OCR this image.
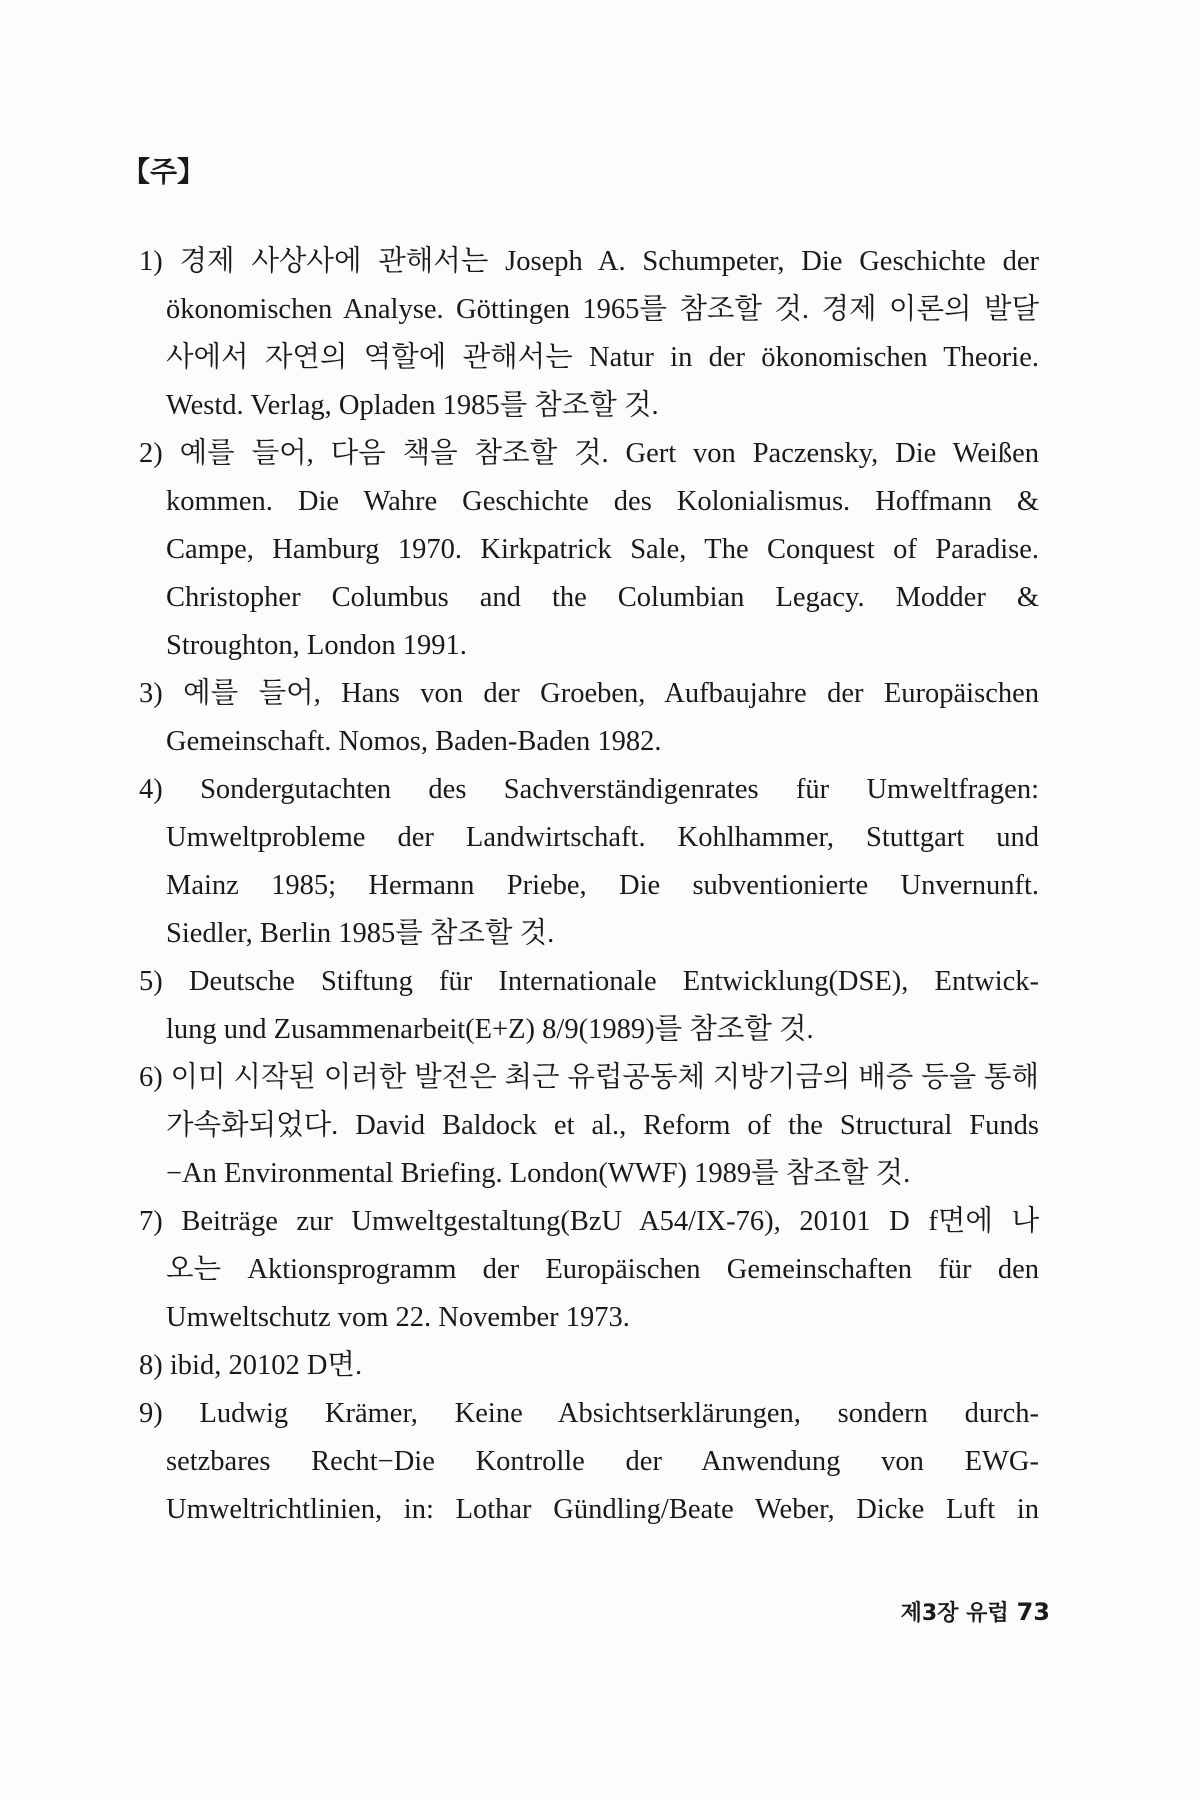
【주】
1) 경제 사상사에 관해서는 Joseph A. Schumpeter, Die Geschichte der
ökonomischen Analyse. Göttingen 1965를 참조할 것. 경제 이론의 발달
사에서 자연의 역할에 관해서는 Natur in der ökonomischen Theorie.
Westd. Verlag, Opladen 1985를 참조할 것.
2) 예를 들어, 다음 책을 참조할 것. Gert von Paczensky, Die Weißen
kommen. Die Wahre Geschichte des Kolonialismus. Hoffmann &
Campe, Hamburg 1970. Kirkpatrick Sale, The Conquest of Paradise.
Christopher Columbus and the Columbian Legacy. Modder &
Stroughton, London 1991.
3) 예를 들어, Hans von der Groeben, Aufbaujahre der Europäischen
Gemeinschaft. Nomos, Baden-Baden 1982.
4) Sondergutachten des Sachverständigenrates für Umweltfragen:
Umweltprobleme der Landwirtschaft. Kohlhammer, Stuttgart und
Mainz 1985; Hermann Priebe, Die subventionierte Unvernunft.
Siedler, Berlin 1985를 참조할 것.
5) Deutsche Stiftung für Internationale Entwicklung(DSE), Entwick-
lung und Zusammenarbeit(E+Z) 8/9(1989)를 참조할 것.
6) 이미 시작된 이러한 발전은 최근 유럽공동체 지방기금의 배증 등을 통해
가속화되었다. David Baldock et al., Reform of the Structural Funds
−An Environmental Briefing. London(WWF) 1989를 참조할 것.
7) Beiträge zur Umweltgestaltung(BzU A54/IX-76), 20101 D f면에 나
오는 Aktionsprogramm der Europäischen Gemeinschaften für den
Umweltschutz vom 22. November 1973.
8) ibid, 20102 D면.
9) Ludwig Krämer, Keine Absichtserklärungen, sondern durch-
setzbares Recht−Die Kontrolle der Anwendung von EWG-
Umweltrichtlinien, in: Lothar Gündling/Beate Weber, Dicke Luft in
제3장 유럽 73
